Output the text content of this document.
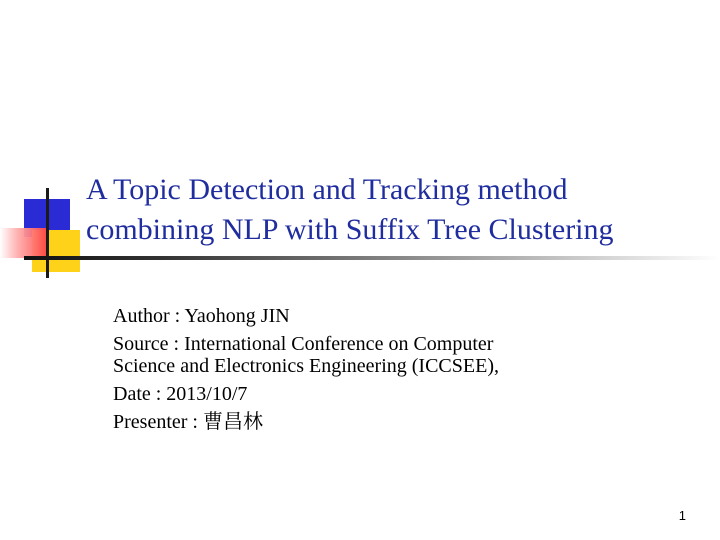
A Topic Detection and Tracking method
combining NLP with Suffix Tree Clustering
Author : Yaohong JIN
Source : International Conference on Computer
Science and Electronics Engineering (ICCSEE),
Date : 2013/10/7
Presenter : 曹昌林
1
